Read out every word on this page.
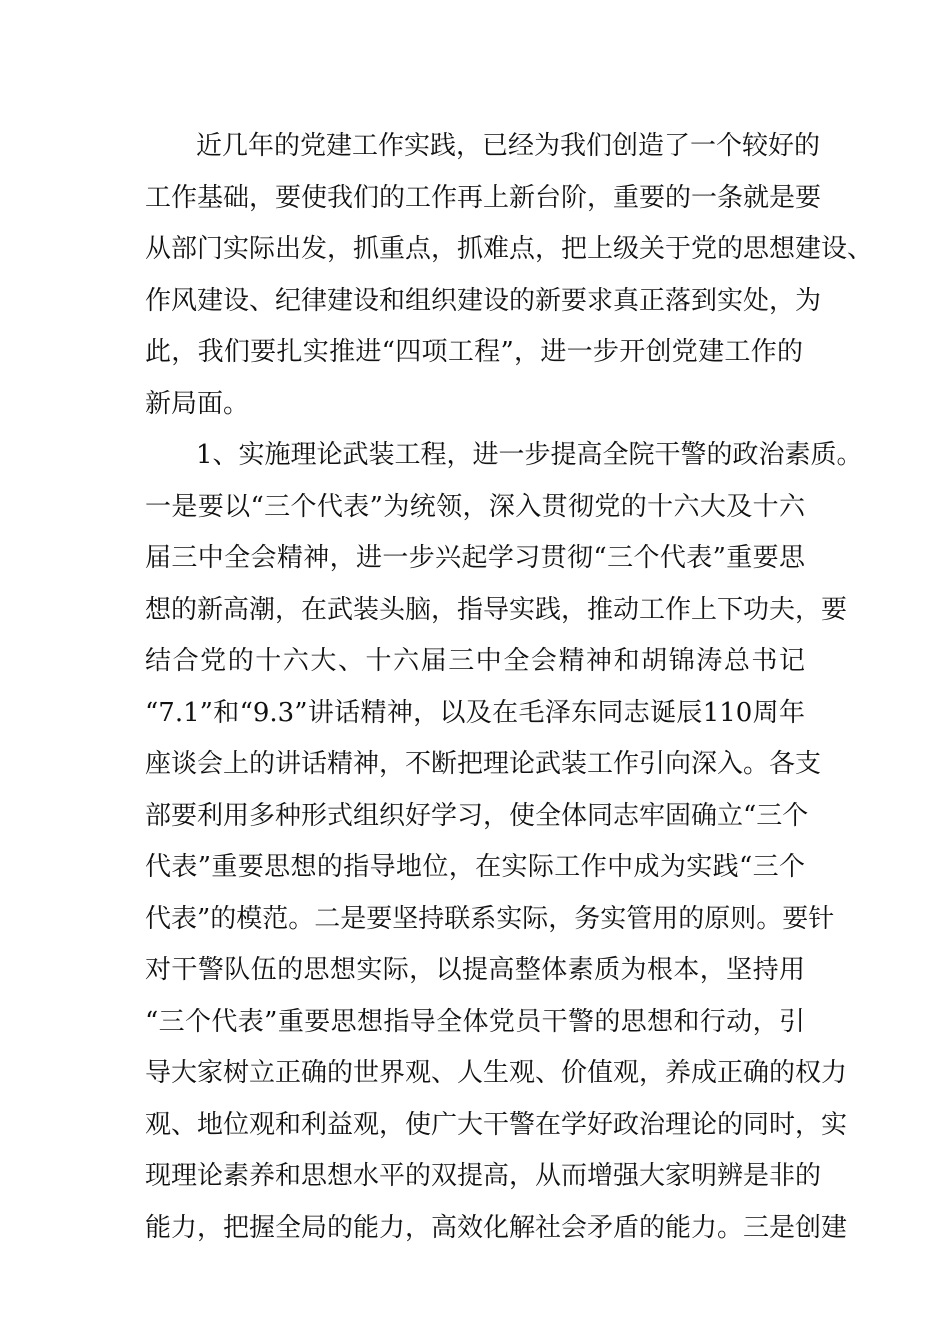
近几年的党建工作实践，已经为我们创造了一个较好的
工作基础，要使我们的工作再上新台阶，重要的一条就是要
从部门实际出发，抓重点，抓难点，把上级关于党的思想建设、
作风建设、纪律建设和组织建设的新要求真正落到实处，为
此，我们要扎实推进“四项工程”，进一步开创党建工作的
新局面。
1、实施理论武装工程，进一步提高全院干警的政治素质。
一是要以“三个代表”为统领，深入贯彻党的十六大及十六
届三中全会精神，进一步兴起学习贯彻“三个代表”重要思
想的新高潮，在武装头脑，指导实践，推动工作上下功夫，要
结合党的十六大、十六届三中全会精神和胡锦涛总书记
“7.1”和“9.3”讲话精神，以及在毛泽东同志诞辰110周年
座谈会上的讲话精神，不断把理论武装工作引向深入。各支
部要利用多种形式组织好学习，使全体同志牢固确立“三个
代表”重要思想的指导地位，在实际工作中成为实践“三个
代表”的模范。二是要坚持联系实际，务实管用的原则。要针
对干警队伍的思想实际，以提高整体素质为根本，坚持用
“三个代表”重要思想指导全体党员干警的思想和行动，引
导大家树立正确的世界观、人生观、价值观，养成正确的权力
观、地位观和利益观，使广大干警在学好政治理论的同时，实
现理论素养和思想水平的双提高，从而增强大家明辨是非的
能力，把握全局的能力，高效化解社会矛盾的能力。三是创建
